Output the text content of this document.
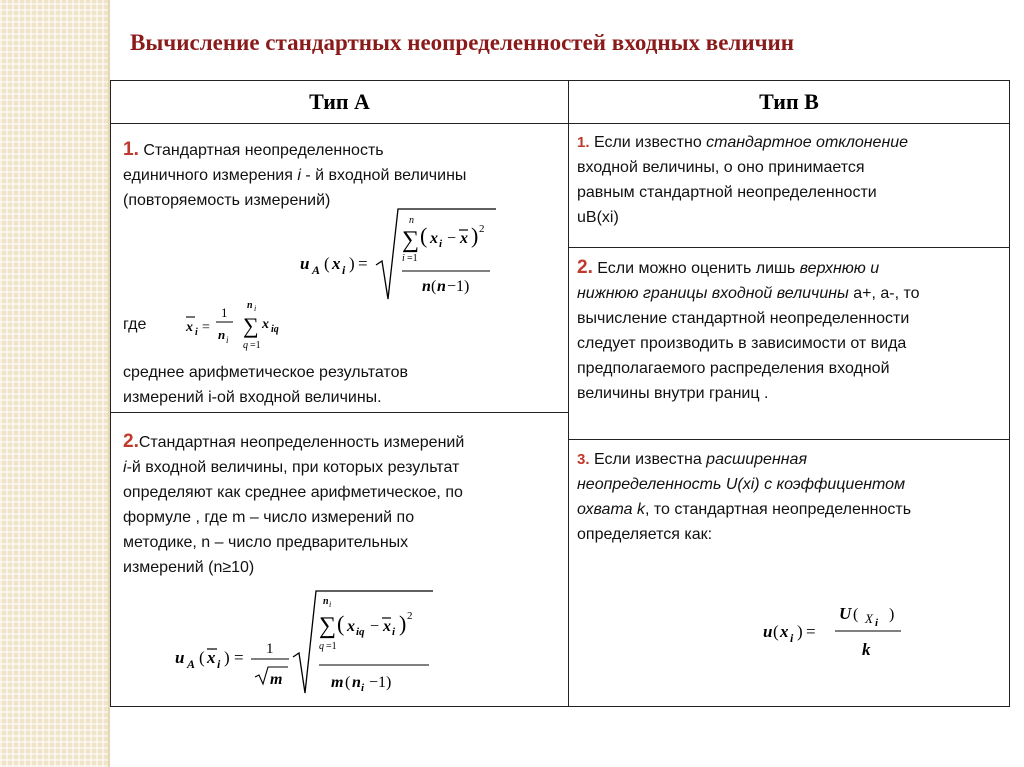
Вычисление стандартных неопределенностей входных величин
Тип А	Тип В
1. Стандартная неопределенность
единичного измерения i - й входной величины
(повторяемость измерений)
u A ( x i ) =
n
∑
i =1
( x i − x ) 2
n ( n −1)
где	x i =
1
n i
n i
∑
q =1
x iq
среднее арифметическое результатов
измерений i-ой входной величины.
2.Стандартная неопределенность измерений
i-й входной величины, при которых результат
определяют как среднее арифметическое, по
формуле , где m – число измерений по
методике, n – число предварительных
измерений (n≥10)
u A ( x i ) = 1
m
n i
∑
q =1
( x iq − x i ) 2
m ( n i −1)
1. Если известно стандартное отклонение
входной величины, о оно принимается
равным стандартной неопределенности
uB(xi)
2. Если можно оценить лишь верхнюю и
нижнюю границы входной величины а+, а-, то
вычисление стандартной неопределенности
следует производить в зависимости от вида
предполагаемого распределения входной
величины внутри границ .
3. Если известна расширенная
неопределенность U(xi) с коэффициентом
охвата k, то стандартная неопределенность
определяется как:
u ( x i ) =
U ( X i )
k
